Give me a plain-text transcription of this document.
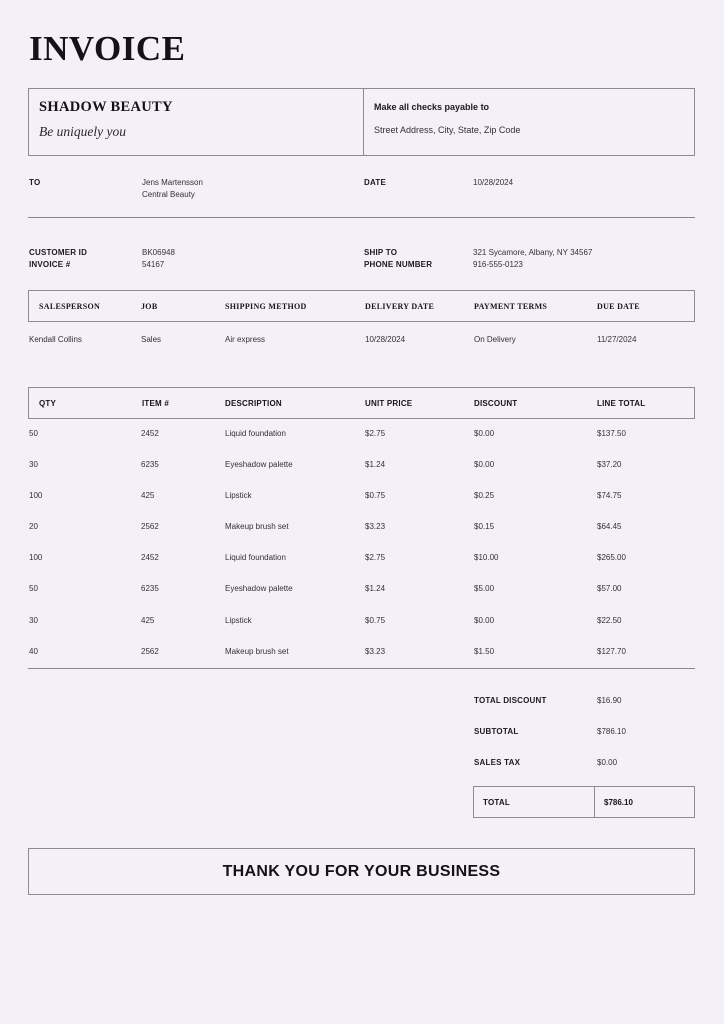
INVOICE
SHADOW BEAUTY
Be uniquely you
Make all checks payable to
Street Address, City, State, Zip Code
TO	Jens Martensson
Central Beauty
DATE	10/28/2024
CUSTOMER ID	BK06948
INVOICE #	54167
SHIP TO	321 Sycamore, Albany, NY 34567
PHONE NUMBER	916-555-0123
SALESPERSON	JOB	SHIPPING METHOD	DELIVERY DATE	PAYMENT TERMS	DUE DATE
Kendall Collins	Sales	Air express	10/28/2024	On Delivery	11/27/2024
QTY	ITEM #	DESCRIPTION	UNIT PRICE	DISCOUNT	LINE TOTAL
50	2452	Liquid foundation	$2.75	$0.00	$137.50
30	6235	Eyeshadow palette	$1.24	$0.00	$37.20
100	425	Lipstick	$0.75	$0.25	$74.75
20	2562	Makeup brush set	$3.23	$0.15	$64.45
100	2452	Liquid foundation	$2.75	$10.00	$265.00
50	6235	Eyeshadow palette	$1.24	$5.00	$57.00
30	425	Lipstick	$0.75	$0.00	$22.50
40	2562	Makeup brush set	$3.23	$1.50	$127.70
TOTAL DISCOUNT	$16.90
SUBTOTAL	$786.10
SALES TAX	$0.00
TOTAL	$786.10
THANK YOU FOR YOUR BUSINESS
